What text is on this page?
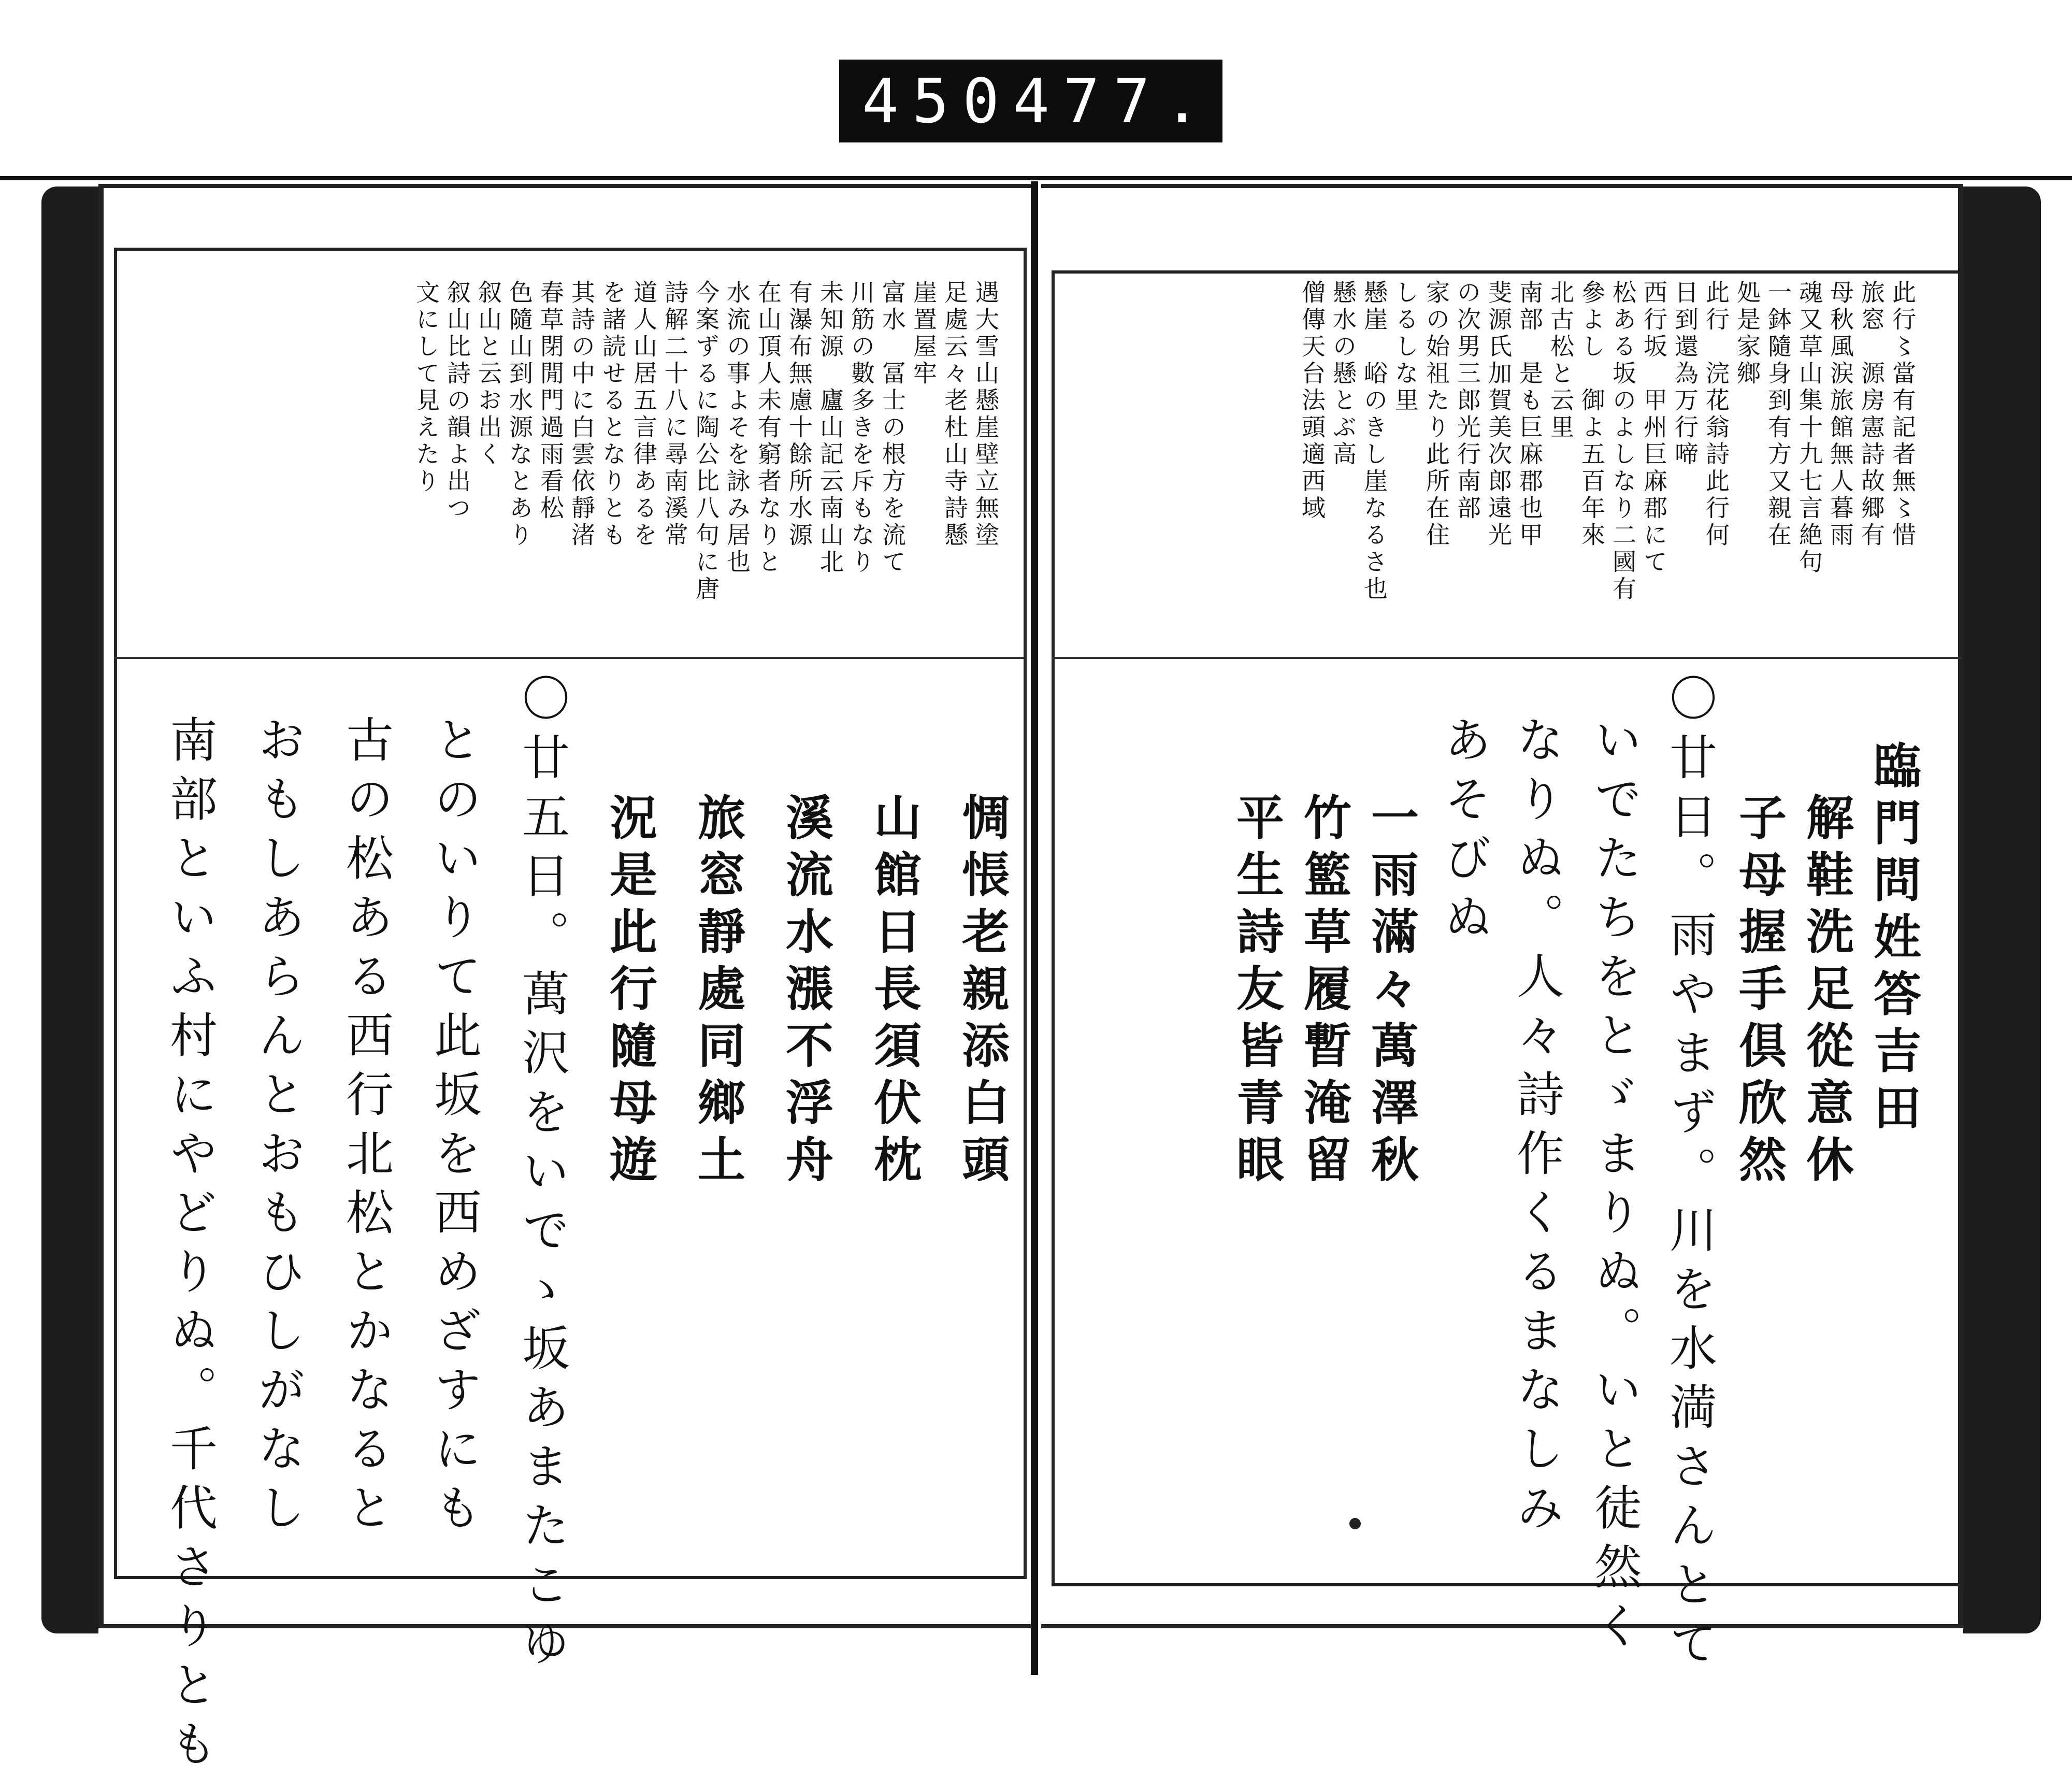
450 477.
此行〻當有記者無〻惜
旅窓　源房憲詩故郷有
母秋風涙旅館無人暮雨
魂又草山集十九七言絶句
一鉢隨身到有方又親在
処是家鄉
此行　浣花翁詩此行何
日到還為万行啼
西行坂　甲州巨麻郡にて
松ある坂のよしなり二國有
參よし　御よ五百年來
北古松と云里
南部　是も巨麻郡也甲
斐源氏加賀美次郎遠光
の次男三郎光行南部
家の始祖たり此所在住
しるしな里
懸崖　峪のきし崖なるさ也
懸水の懸とぶ高
僧傳天台法頭適西域
臨門問姓答吉田
解鞋洗足從意休
子母握手倶欣然
〇廿日。雨やまず。川を水満さんとて
いでたちをとゞまりぬ。いと徒然く
なりぬ。人々詩作くるまなしみ
あそびぬ
一雨滿々萬澤秋
竹籃草履暫淹留
平生詩友皆青眼
遇大雪山懸崖壁立無塗
足處云々老杜山寺詩懸
崖置屋牢
富水　冨士の根方を流て
川筋の數多きを斥もなり
未知源　廬山記云南山北
有瀑布無慮十餘所水源
在山頂人未有窮者なりと
水流の事よそを詠み居也
今案ずるに陶公比八句に唐
詩解二十八に尋南溪常
道人山居五言律あるを
を諸読せるとなりとも
其詩の中に白雲依靜渚
春草閉閒門過雨看松
色隨山到水源なとあり
叙山と云お出く
叙山比詩の韻よ出つ
文にして見えたり
惆悵老親添白頭
山館日長須伏枕
溪流水漲不浮舟
旅窓靜處同鄉土
況是此行隨母遊
〇廿五日。萬沢をいでゝ坂あまたこゆ
とのいりて此坂を西めざすにも
古の松ある西行北松とかなると
おもしあらんとおもひしがなし
南部といふ村にやどりぬ。千代さりとも
